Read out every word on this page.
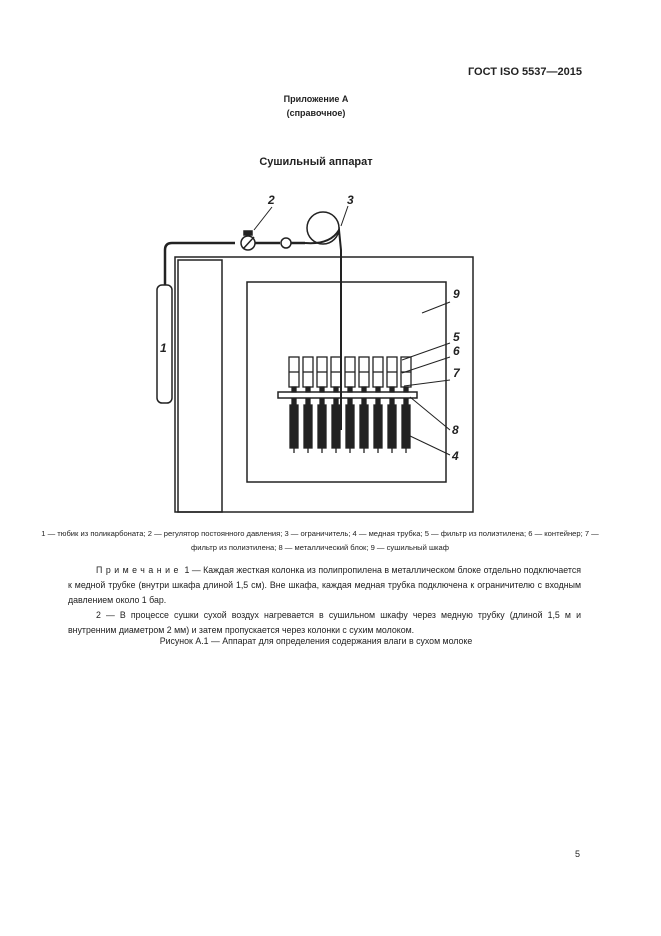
ГОСТ ISO 5537—2015
Приложение А
(справочное)
Сушильный аппарат
1
2	3
4
5
6
7
8
9
1 — тюбик из поликарбоната; 2 — регулятор постоянного давления; 3 — ограничитель; 4 — медная трубка; 5 — фильтр из полиэтилена; 6 — контейнер; 7 — фильтр из полиэтилена; 8 — металлический блок; 9 — сушильный шкаф

Примечание 1 — Каждая жесткая колонка из полипропилена в металлическом блоке отдельно подключается к медной трубке (внутри шкафа длиной 1,5 см). Вне шкафа, каждая медная трубка подключена к ограничителю с входным давлением около 1 бар.

2 — В процессе сушки сухой воздух нагревается в сушильном шкафу через медную трубку (длиной 1,5 м и внутренним диаметром 2 мм) и затем пропускается через колонки с сухим молоком.

Рисунок А.1 — Аппарат для определения содержания влаги в сухом молоке
5
